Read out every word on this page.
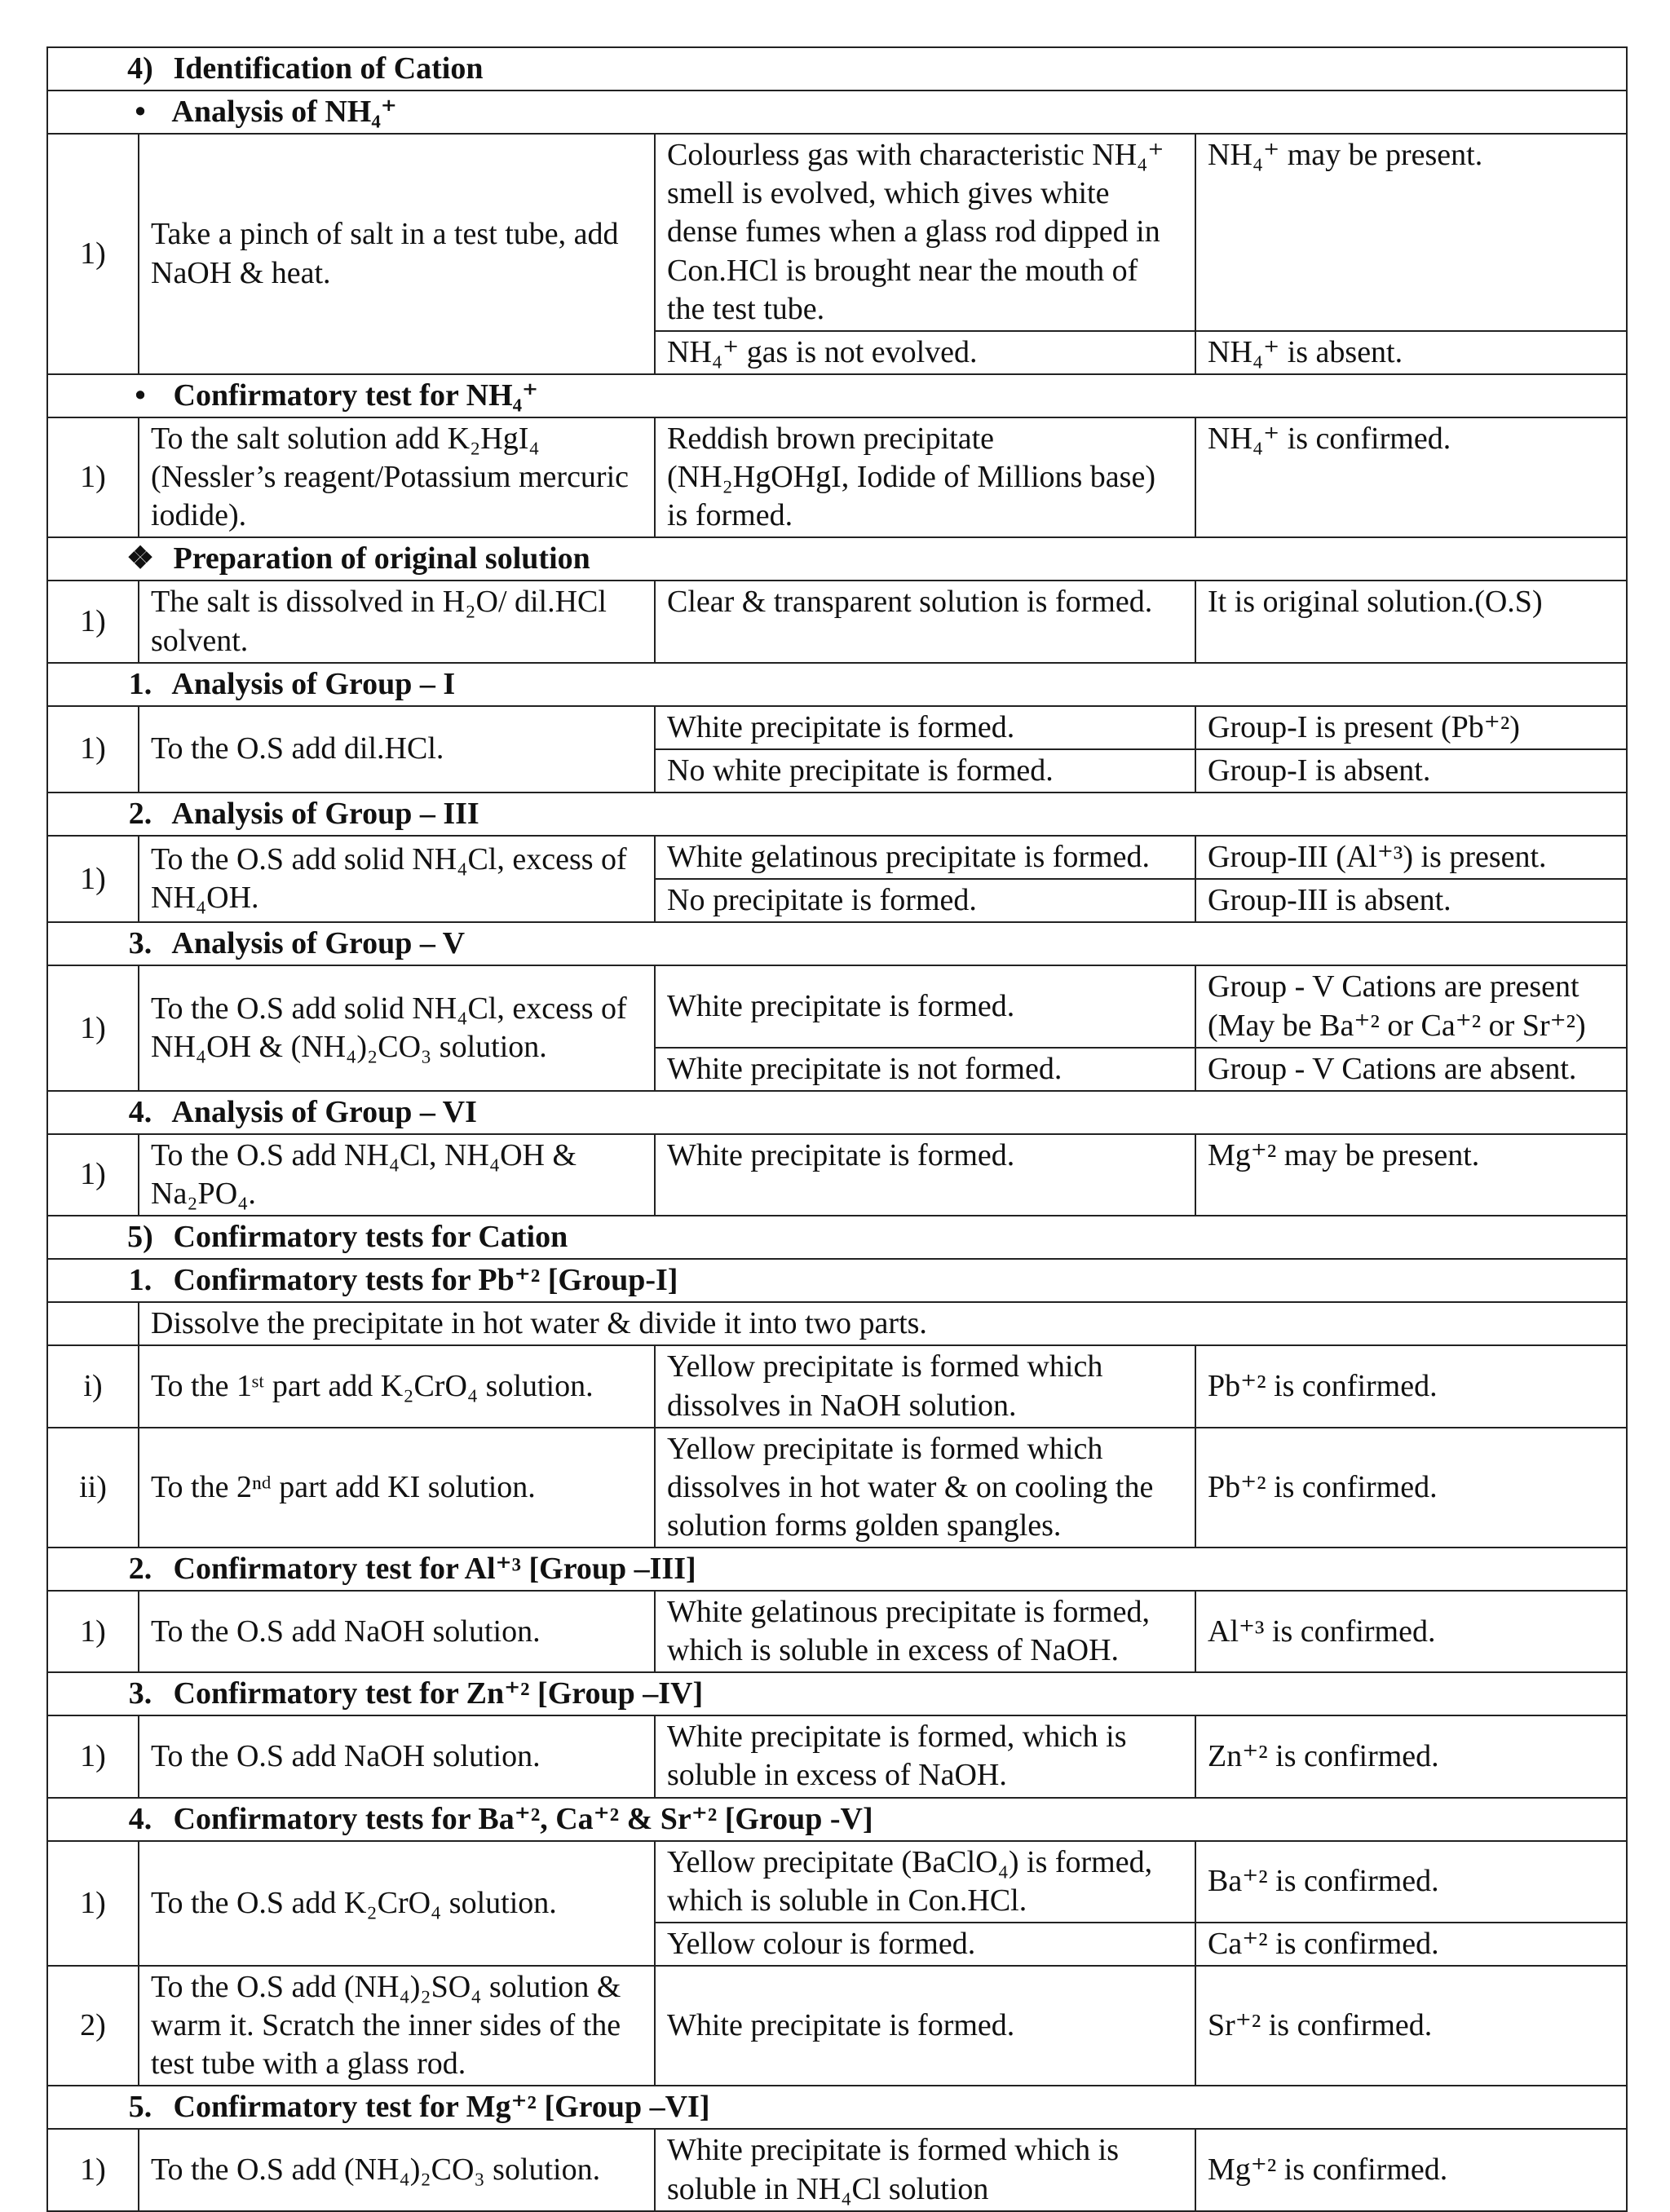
4) Identification of Cation			
• Analysis of NH₄⁺			
1)	Take a pinch of salt in a test tube, add NaOH & heat.	Colourless gas with characteristic NH₄⁺ smell is evolved, which gives white dense fumes when a glass rod dipped in Con.HCl is brought near the mouth of the test tube.	NH₄⁺ may be present.
		NH₄⁺ gas is not evolved.	NH₄⁺ is absent.
• Confirmatory test for NH₄⁺			
1)	To the salt solution add K₂HgI₄ (Nessler’s reagent/Potassium mercuric iodide).	Reddish brown precipitate (NH₂HgOHgI, Iodide of Millions base) is formed.	NH₄⁺ is confirmed.
❖ Preparation of original solution			
1)	The salt is dissolved in H₂O/ dil.HCl solvent.	Clear & transparent solution is formed.	It is original solution.(O.S)
1. Analysis of Group – I			
1)	To the O.S add dil.HCl.	White precipitate is formed.	Group-I is present (Pb⁺²)
		No white precipitate is formed.	Group-I is absent.
2. Analysis of Group – III			
1)	To the O.S add solid NH₄Cl, excess of NH₄OH.	White gelatinous precipitate is formed.	Group-III (Al⁺³) is present.
		No precipitate is formed.	Group-III is absent.
3. Analysis of Group – V			
1)	To the O.S add solid NH₄Cl, excess of NH₄OH & (NH₄)₂CO₃ solution.	White precipitate is formed.	Group - V Cations are present (May be Ba⁺² or Ca⁺² or Sr⁺²)
		White precipitate is not formed.	Group - V Cations are absent.
4. Analysis of Group – VI			
1)	To the O.S add NH₄Cl, NH₄OH & Na₂PO₄.	White precipitate is formed.	Mg⁺² may be present.
5) Confirmatory tests for Cation			
1. Confirmatory tests for Pb⁺² [Group-I]			
	Dissolve the precipitate in hot water & divide it into two parts.		
i)	To the 1ˢᵗ part add K₂CrO₄ solution.	Yellow precipitate is formed which dissolves in NaOH solution.	Pb⁺² is confirmed.
ii)	To the 2ⁿᵈ part add KI solution.	Yellow precipitate is formed which dissolves in hot water & on cooling the solution forms golden spangles.	Pb⁺² is confirmed.
2. Confirmatory test for Al⁺³ [Group –III]			
1)	To the O.S add NaOH solution.	White gelatinous precipitate is formed, which is soluble in excess of NaOH.	Al⁺³ is confirmed.
3. Confirmatory test for Zn⁺² [Group –IV]			
1)	To the O.S add NaOH solution.	White precipitate is formed, which is soluble in excess of NaOH.	Zn⁺² is confirmed.
4. Confirmatory tests for Ba⁺², Ca⁺² & Sr⁺² [Group -V]			
1)	To the O.S add K₂CrO₄ solution.	Yellow precipitate (BaClO₄) is formed, which is soluble in Con.HCl.	Ba⁺² is confirmed.
		Yellow colour is formed.	Ca⁺² is confirmed.
2)	To the O.S add (NH₄)₂SO₄ solution & warm it. Scratch the inner sides of the test tube with a glass rod.	White precipitate is formed.	Sr⁺² is confirmed.
5. Confirmatory test for Mg⁺² [Group –VI]			
1)	To the O.S add (NH₄)₂CO₃ solution.	White precipitate is formed which is soluble in NH₄Cl solution	Mg⁺² is confirmed.
